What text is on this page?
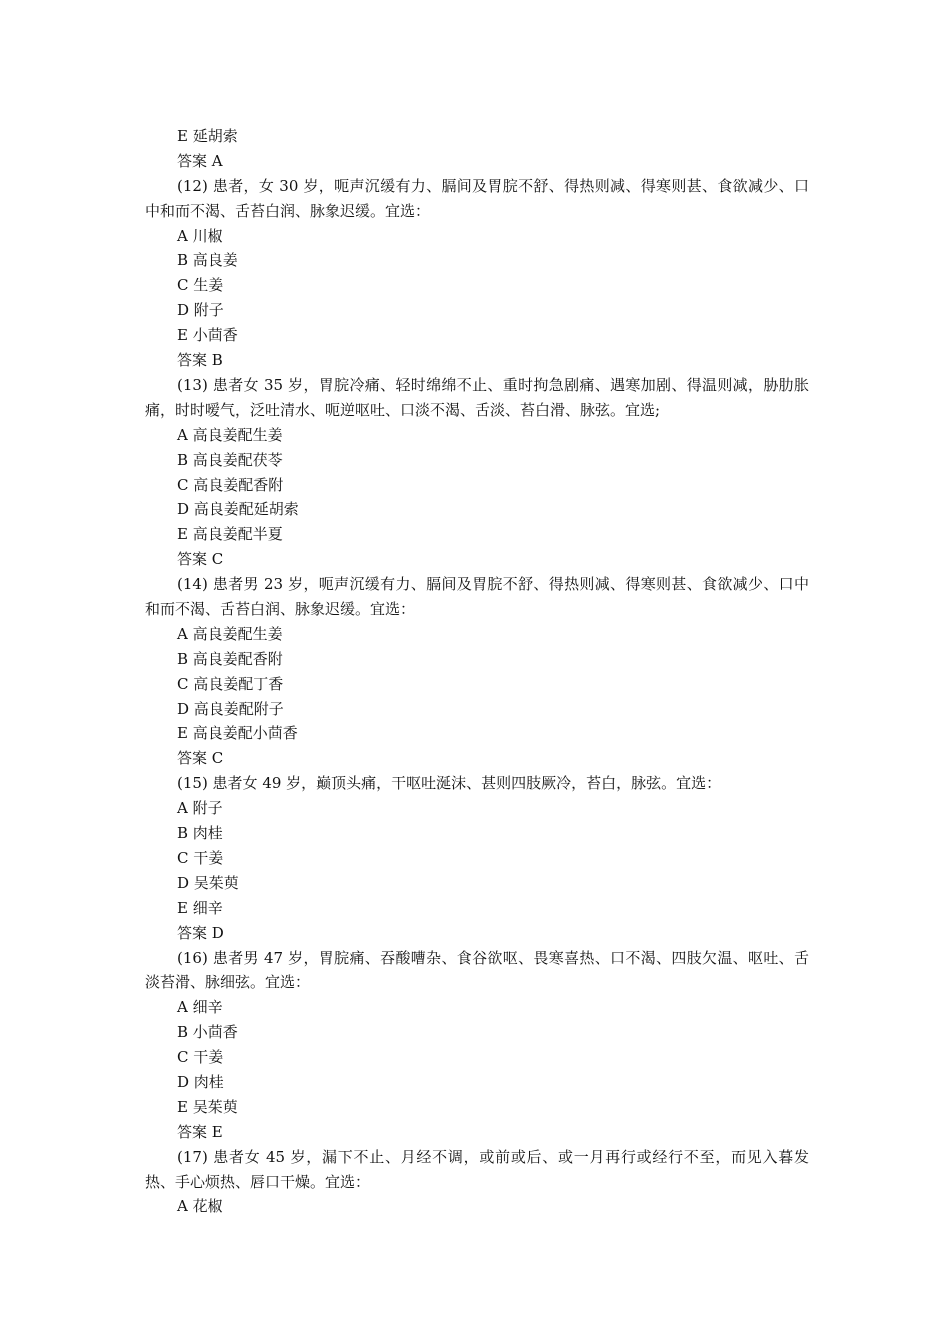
E 延胡索
答案 A
(12) 患者，女 30 岁，呃声沉缓有力、膈间及胃脘不舒、得热则减、得寒则甚、食欲减少、口中和而不渴、舌苔白润、脉象迟缓。宜选：
A 川椒
B 高良姜
C 生姜
D 附子
E 小茴香
答案 B
(13) 患者女 35 岁，胃脘冷痛、轻时绵绵不止、重时拘急剧痛、遇寒加剧、得温则减，胁肋胀痛，时时嗳气，泛吐清水、呃逆呕吐、口淡不渴、舌淡、苔白滑、脉弦。宜选;
A 高良姜配生姜
B 高良姜配茯苓
C 高良姜配香附
D 高良姜配延胡索
E 高良姜配半夏
答案 C
(14) 患者男 23 岁，呃声沉缓有力、膈间及胃脘不舒、得热则减、得寒则甚、食欲减少、口中和而不渴、舌苔白润、脉象迟缓。宜选：
A 高良姜配生姜
B 高良姜配香附
C 高良姜配丁香
D 高良姜配附子
E 高良姜配小茴香
答案 C
(15) 患者女 49 岁，巅顶头痛，干呕吐涎沫、甚则四肢厥冷，苔白，脉弦。宜选：
A 附子
B 肉桂
C 干姜
D 吴茱萸
E 细辛
答案 D
(16) 患者男 47 岁，胃脘痛、吞酸嘈杂、食谷欲呕、畏寒喜热、口不渴、四肢欠温、呕吐、舌淡苔滑、脉细弦。宜选：
A 细辛
B 小茴香
C 干姜
D 肉桂
E 吴茱萸
答案 E
(17) 患者女 45 岁，漏下不止、月经不调，或前或后、或一月再行或经行不至，而见入暮发热、手心烦热、唇口干燥。宜选：
A 花椒
